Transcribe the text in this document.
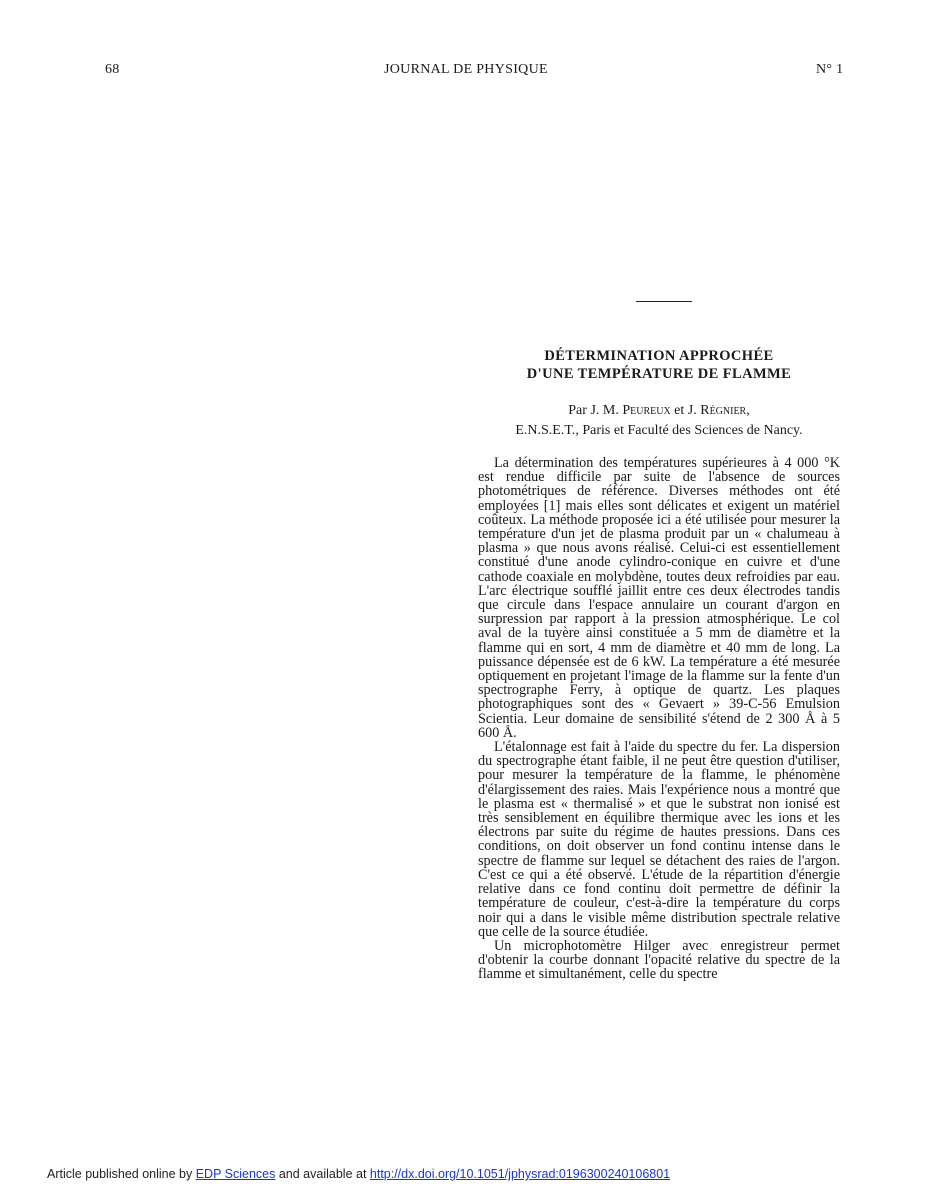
68	JOURNAL DE PHYSIQUE	N° 1
DÉTERMINATION APPROCHÉE
D'UNE TEMPÉRATURE DE FLAMME
Par J. M. Peureux et J. Régnier,
E.N.S.E.T., Paris et Faculté des Sciences de Nancy.

La détermination des températures supérieures à 4 000 °K est rendue difficile par suite de l'absence de sources photométriques de référence. Diverses méthodes ont été employées [1] mais elles sont délicates et exigent un matériel coûteux. La méthode proposée ici a été utilisée pour mesurer la température d'un jet de plasma produit par un « chalumeau à plasma » que nous avons réalisé. Celui-ci est essentiellement constitué d'une anode cylindro-conique en cuivre et d'une cathode coaxiale en molybdène, toutes deux refroidies par eau. L'arc électrique soufflé jaillit entre ces deux électrodes tandis que circule dans l'espace annulaire un courant d'argon en surpression par rapport à la pression atmosphérique. Le col aval de la tuyère ainsi constituée a 5 mm de diamètre et la flamme qui en sort, 4 mm de diamètre et 40 mm de long. La puissance dépensée est de 6 kW. La température a été mesurée optiquement en projetant l'image de la flamme sur la fente d'un spectrographe Ferry, à optique de quartz. Les plaques photographiques sont des « Gevaert » 39-C-56 Emulsion Scientia. Leur domaine de sensibilité s'étend de 2 300 Å à 5 600 Å.

L'étalonnage est fait à l'aide du spectre du fer. La dispersion du spectrographe étant faible, il ne peut être question d'utiliser, pour mesurer la température de la flamme, le phénomène d'élargissement des raies. Mais l'expérience nous a montré que le plasma est « thermalisé » et que le substrat non ionisé est très sensiblement en équilibre thermique avec les ions et les électrons par suite du régime de hautes pressions. Dans ces conditions, on doit observer un fond continu intense dans le spectre de flamme sur lequel se détachent des raies de l'argon. C'est ce qui a été observé. L'étude de la répartition d'énergie relative dans ce fond continu doit permettre de définir la température de couleur, c'est-à-dire la température du corps noir qui a dans le visible même distribution spectrale relative que celle de la source étudiée.

Un microphotomètre Hilger avec enregistreur permet d'obtenir la courbe donnant l'opacité relative du spectre de la flamme et simultanément, celle du spectre

Article published online by EDP Sciences and available at http://dx.doi.org/10.1051/jphysrad:0196300240106801
